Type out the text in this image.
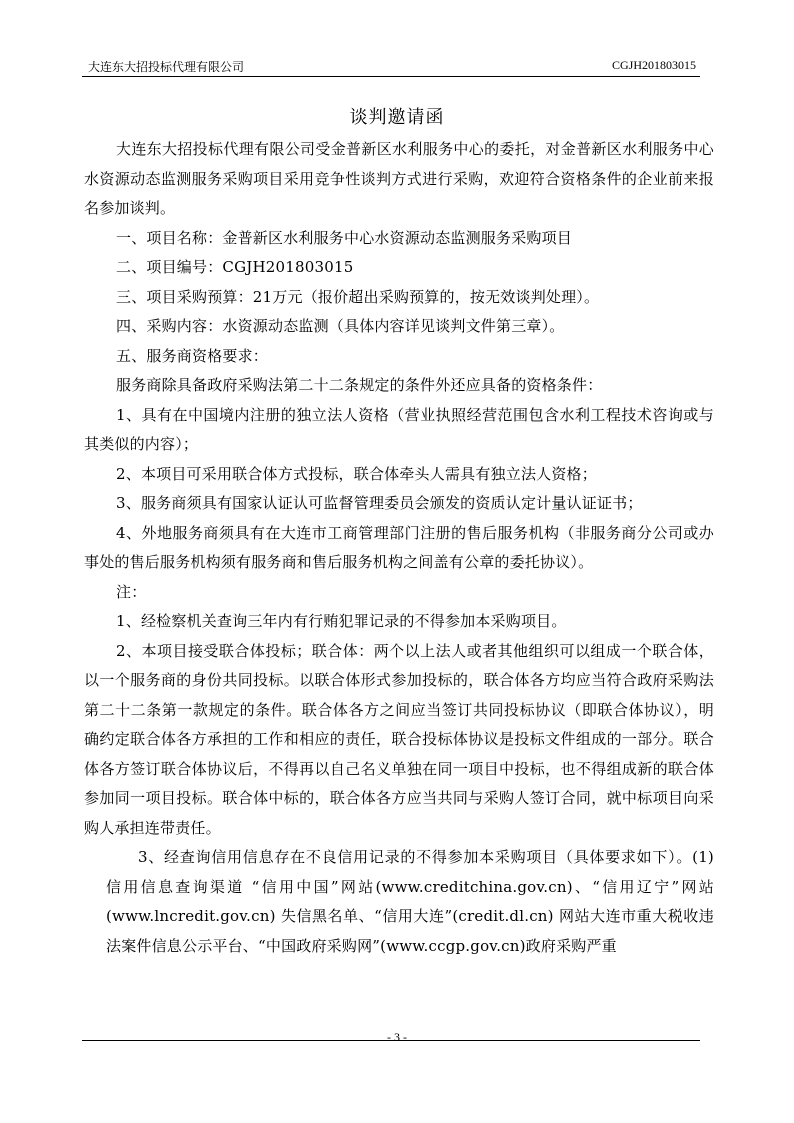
大连东大招投标代理有限公司	CGJH201803015
谈判邀请函

大连东大招投标代理有限公司受金普新区水利服务中心的委托，对金普新区水利服务中心水资源动态监测服务采购项目采用竞争性谈判方式进行采购，欢迎符合资格条件的企业前来报名参加谈判。

一、项目名称：金普新区水利服务中心水资源动态监测服务采购项目

二、项目编号：CGJH201803015

三、项目采购预算：21万元（报价超出采购预算的，按无效谈判处理）。

四、采购内容：水资源动态监测（具体内容详见谈判文件第三章）。

五、服务商资格要求：

服务商除具备政府采购法第二十二条规定的条件外还应具备的资格条件：

1、具有在中国境内注册的独立法人资格（营业执照经营范围包含水利工程技术咨询或与其类似的内容）；

2、本项目可采用联合体方式投标，联合体牵头人需具有独立法人资格；

3、服务商须具有国家认证认可监督管理委员会颁发的资质认定计量认证证书；

4、外地服务商须具有在大连市工商管理部门注册的售后服务机构（非服务商分公司或办事处的售后服务机构须有服务商和售后服务机构之间盖有公章的委托协议）。

注：

1、经检察机关查询三年内有行贿犯罪记录的不得参加本采购项目。

2、本项目接受联合体投标；联合体：两个以上法人或者其他组织可以组成一个联合体，以一个服务商的身份共同投标。以联合体形式参加投标的，联合体各方均应当符合政府采购法第二十二条第一款规定的条件。联合体各方之间应当签订共同投标协议（即联合体协议），明确约定联合体各方承担的工作和相应的责任，联合投标体协议是投标文件组成的一部分。联合体各方签订联合体协议后，不得再以自己名义单独在同一项目中投标，也不得组成新的联合体参加同一项目投标。联合体中标的，联合体各方应当共同与采购人签订合同，就中标项目向采购人承担连带责任。

3、经查询信用信息存在不良信用记录的不得参加本采购项目（具体要求如下）。(1) 信用信息查询渠道 “信用中国”网站(www.creditchina.gov.cn)、“信用辽宁”网站(www.lncredit.gov.cn) 失信黑名单、“信用大连”(credit.dl.cn) 网站大连市重大税收违法案件信息公示平台、“中国政府采购网”(www.ccgp.gov.cn)政府采购严重

- 3 -
